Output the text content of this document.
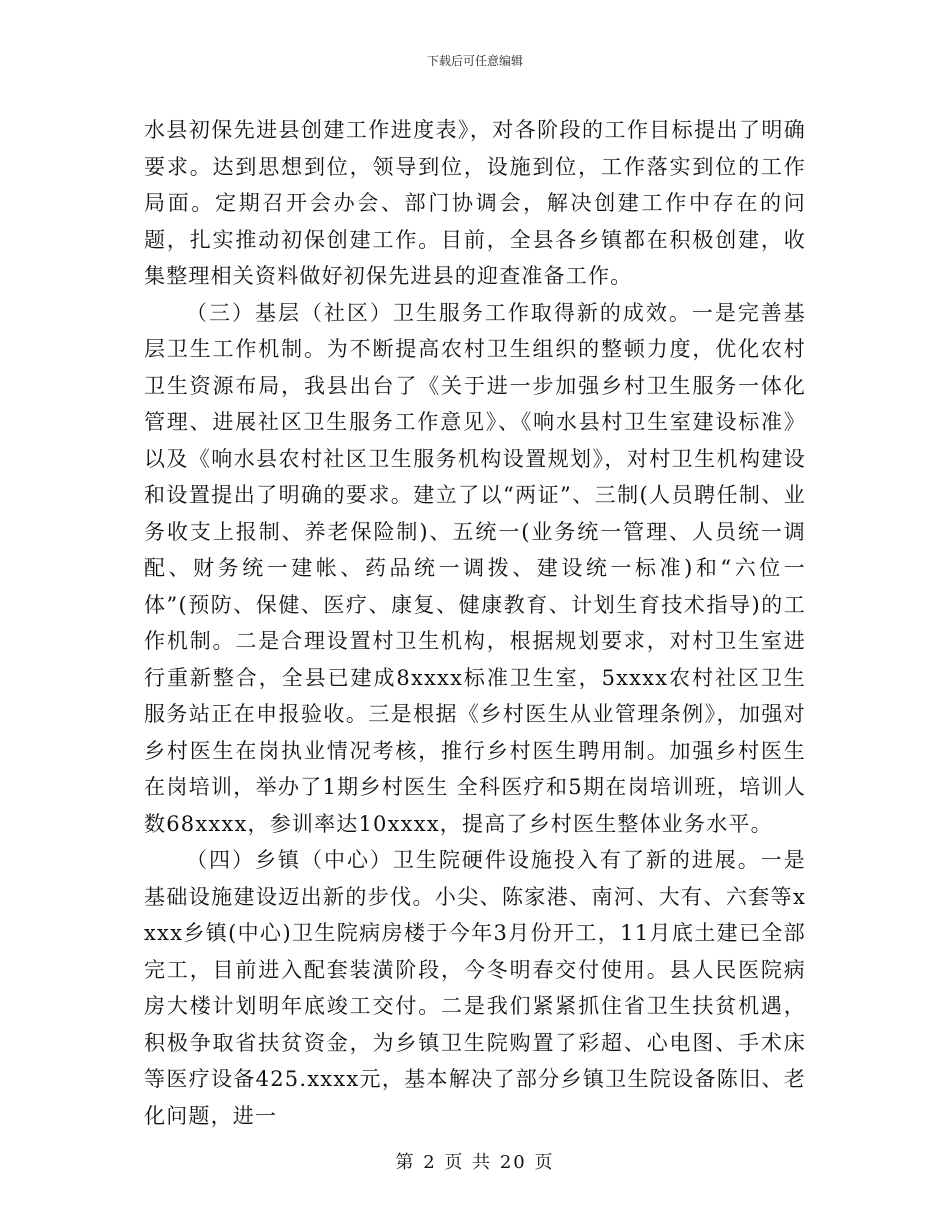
下载后可任意编辑

水县初保先进县创建工作进度表》，对各阶段的工作目标提出了明确要求。达到思想到位，领导到位，设施到位，工作落实到位的工作局面。定期召开会办会、部门协调会，解决创建工作中存在的问题，扎实推动初保创建工作。目前，全县各乡镇都在积极创建，收集整理相关资料做好初保先进县的迎查准备工作。

（三）基层（社区）卫生服务工作取得新的成效。一是完善基层卫生工作机制。为不断提高农村卫生组织的整顿力度，优化农村卫生资源布局，我县出台了《关于进一步加强乡村卫生服务一体化管理、进展社区卫生服务工作意见》、《响水县村卫生室建设标准》以及《响水县农村社区卫生服务机构设置规划》，对村卫生机构建设和设置提出了明确的要求。建立了以“两证”、三制(人员聘任制、业务收支上报制、养老保险制)、五统一(业务统一管理、人员统一调配、财务统一建帐、药品统一调拨、建设统一标准)和“六位一体”(预防、保健、医疗、康复、健康教育、计划生育技术指导)的工作机制。二是合理设置村卫生机构，根据规划要求，对村卫生室进行重新整合，全县已建成8xxxx标准卫生室，5xxxx农村社区卫生服务站正在申报验收。三是根据《乡村医生从业管理条例》，加强对乡村医生在岗执业情况考核，推行乡村医生聘用制。加强乡村医生在岗培训，举办了1期乡村医生 全科医疗和5期在岗培训班，培训人数68xxxx，参训率达10xxxx，提高了乡村医生整体业务水平。

（四）乡镇（中心）卫生院硬件设施投入有了新的进展。一是基础设施建设迈出新的步伐。小尖、陈家港、南河、大有、六套等xxxx乡镇(中心)卫生院病房楼于今年3月份开工，11月底土建已全部完工，目前进入配套装潢阶段，今冬明春交付使用。县人民医院病房大楼计划明年底竣工交付。二是我们紧紧抓住省卫生扶贫机遇，积极争取省扶贫资金，为乡镇卫生院购置了彩超、心电图、手术床等医疗设备425.xxxx元，基本解决了部分乡镇卫生院设备陈旧、老化问题，进一

第 2 页 共 20 页
